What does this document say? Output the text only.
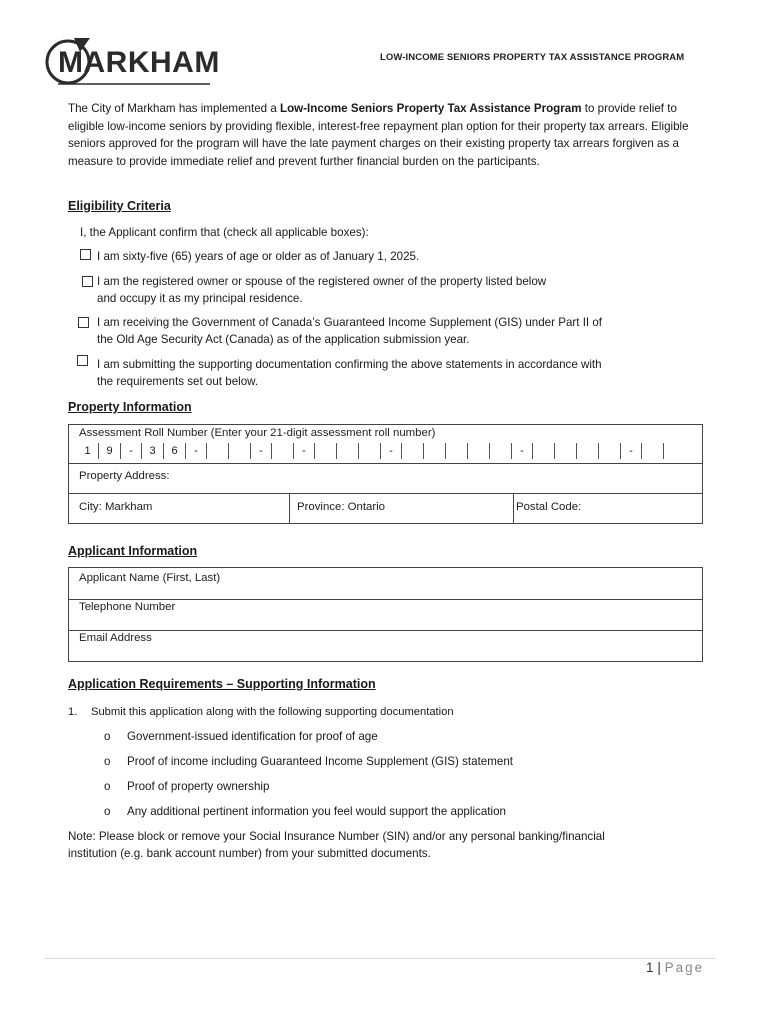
MARKHAM	LOW-INCOME SENIORS PROPERTY TAX ASSISTANCE PROGRAM
The City of Markham has implemented a Low-Income Seniors Property Tax Assistance Program to provide relief to eligible low-income seniors by providing flexible, interest-free repayment plan option for their property tax arrears. Eligible seniors approved for the program will have the late payment charges on their existing property tax arrears forgiven as a measure to provide immediate relief and prevent further financial burden on the participants.
Eligibility Criteria
I, the Applicant confirm that (check all applicable boxes):
I am sixty-five (65) years of age or older as of January 1, 2025.
I am the registered owner or spouse of the registered owner of the property listed below
and occupy it as my principal residence.
I am receiving the Government of Canada’s Guaranteed Income Supplement (GIS) under Part II of
the Old Age Security Act (Canada) as of the application submission year.
I am submitting the supporting documentation confirming the above statements in accordance with
the requirements set out below.
Property Information
Assessment Roll Number (Enter your 21-digit assessment roll number)
1	9	-	3	6	-	-	-	-	-	-
Property Address:
City: Markham	Province: Ontario	Postal Code:
Applicant Information
Applicant Name (First, Last)
Telephone Number
Email Address
Application Requirements – Supporting Information
1. Submit this application along with the following supporting documentation
o Government-issued identification for proof of age
o Proof of income including Guaranteed Income Supplement (GIS) statement
o Proof of property ownership
o Any additional pertinent information you feel would support the application
Note: Please block or remove your Social Insurance Number (SIN) and/or any personal banking/financial
institution (e.g. bank account number) from your submitted documents.
1 | Page
